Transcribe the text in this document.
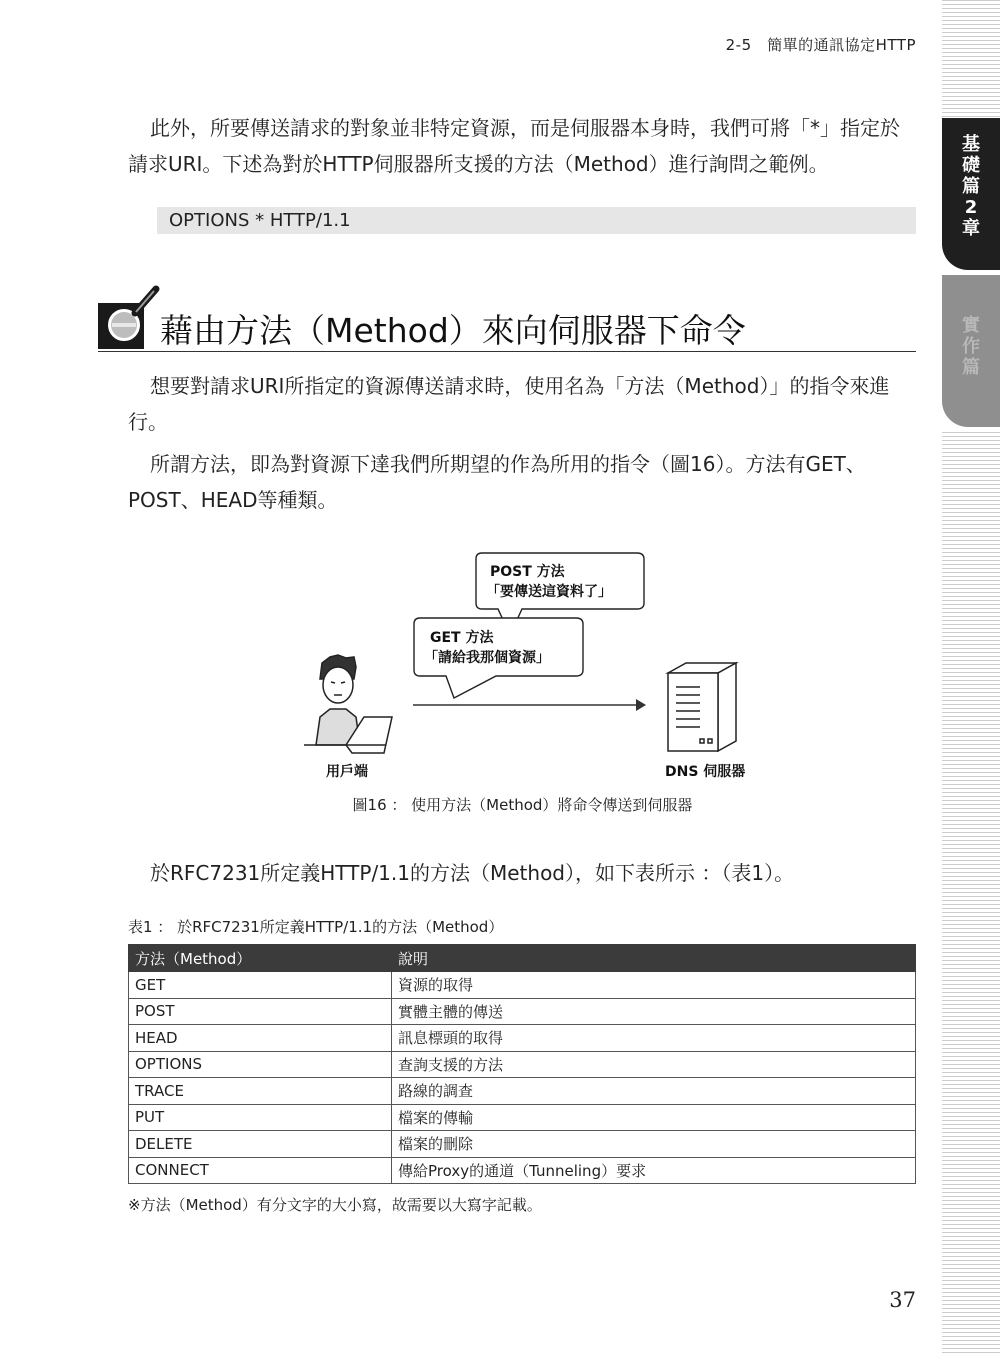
2-5　簡單的通訊協定HTTP
基礎篇2章
實作篇
此外，所要傳送請求的對象並非特定資源，而是伺服器本身時，我們可將「*」指定於請求URI。下述為對於HTTP伺服器所支援的方法（Method）進行詢問之範例。
OPTIONS * HTTP/1.1
藉由方法（Method）來向伺服器下命令
想要對請求URI所指定的資源傳送請求時，使用名為「方法（Method）」的指令來進行。
所謂方法，即為對資源下達我們所期望的作為所用的指令（圖16）。方法有GET、POST、HEAD等種類。
POST 方法
「要傳送這資料了」
GET 方法
「請給我那個資源」
用戶端	DNS 伺服器
圖16 ： 使用方法（Method）將命令傳送到伺服器
於RFC7231所定義HTTP/1.1的方法（Method），如下表所示 ：（表1）。
表1 ： 於RFC7231所定義HTTP/1.1的方法（Method）
方法（Method）	說明
GET	資源的取得
POST	實體主體的傳送
HEAD	訊息標頭的取得
OPTIONS	查詢支援的方法
TRACE	路線的調查
PUT	檔案的傳輸
DELETE	檔案的刪除
CONNECT	傳給Proxy的通道（Tunneling）要求
※方法（Method）有分文字的大小寫，故需要以大寫字記載。
37
